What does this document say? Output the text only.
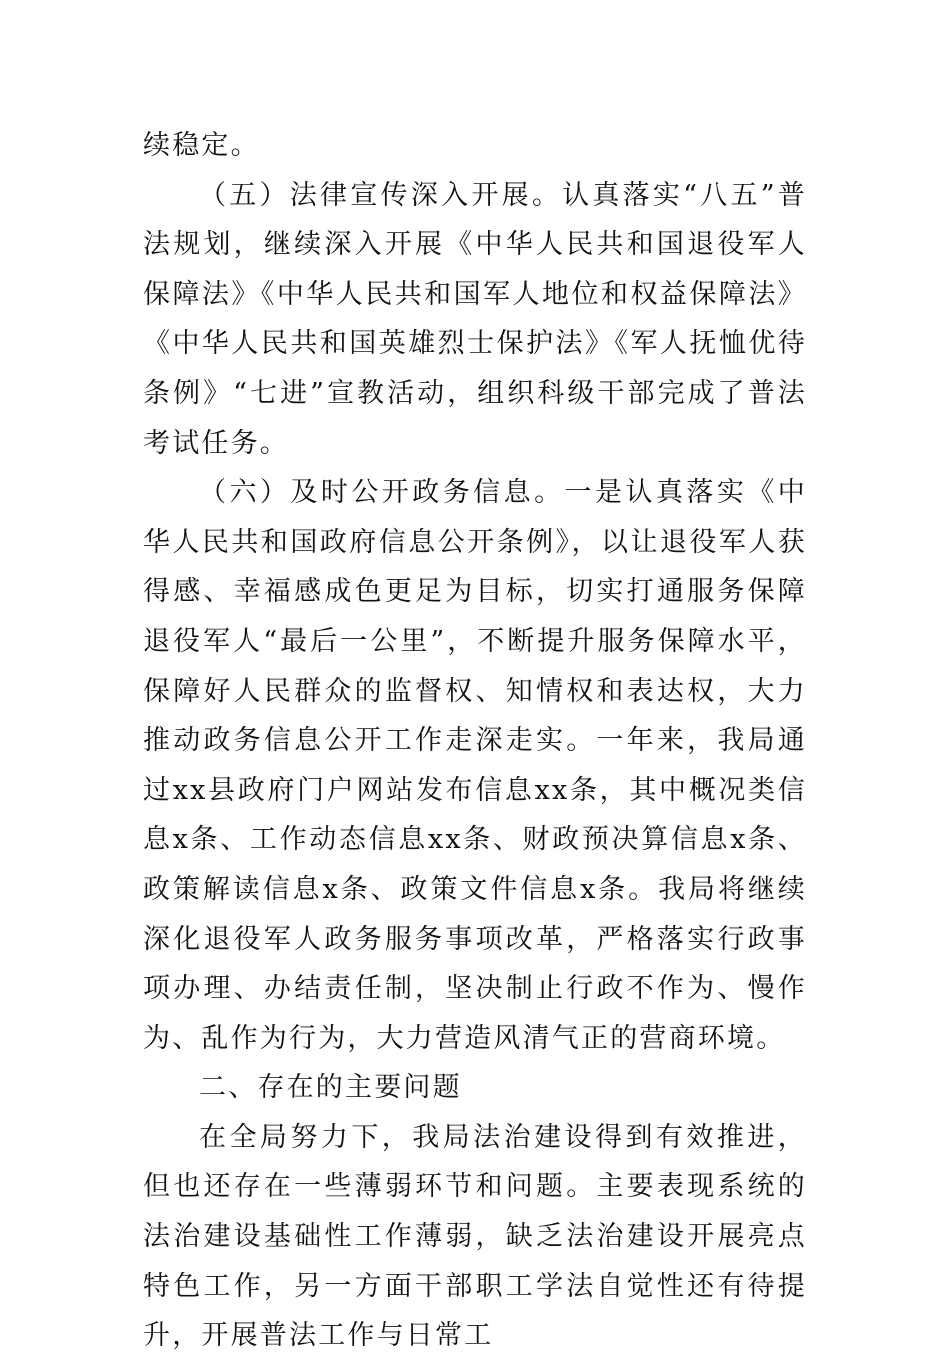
续稳定。

（五）法律宣传深入开展。认真落实“八五”普法规划，继续深入开展《中华人民共和国退役军人保障法》《中华人民共和国军人地位和权益保障法》《中华人民共和国英雄烈士保护法》《军人抚恤优待条例》“七进”宣教活动，组织科级干部完成了普法考试任务。

（六）及时公开政务信息。一是认真落实《中华人民共和国政府信息公开条例》，以让退役军人获得感、幸福感成色更足为目标，切实打通服务保障退役军人“最后一公里”，不断提升服务保障水平，保障好人民群众的监督权、知情权和表达权，大力推动政务信息公开工作走深走实。一年来，我局通过xx县政府门户网站发布信息xx条，其中概况类信息x条、工作动态信息xx条、财政预决算信息x条、政策解读信息x条、政策文件信息x条。我局将继续深化退役军人政务服务事项改革，严格落实行政事项办理、办结责任制，坚决制止行政不作为、慢作为、乱作为行为，大力营造风清气正的营商环境。

二、存在的主要问题

在全局努力下，我局法治建设得到有效推进，但也还存在一些薄弱环节和问题。主要表现系统的法治建设基础性工作薄弱，缺乏法治建设开展亮点特色工作，另一方面干部职工学法自觉性还有待提升，开展普法工作与日常工
